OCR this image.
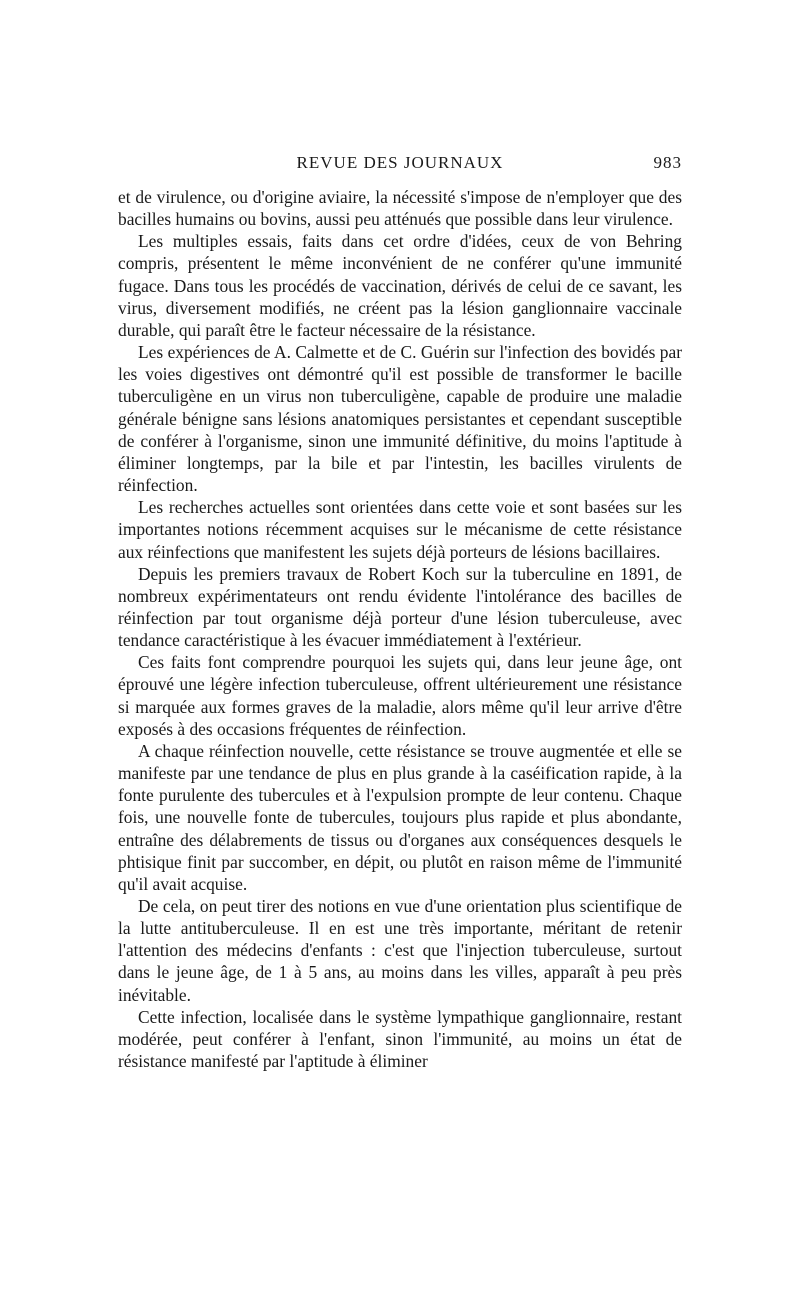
REVUE DES JOURNAUX	983

et de virulence, ou d'origine aviaire, la nécessité s'impose de n'employer que des bacilles humains ou bovins, aussi peu atténués que possible dans leur virulence.

Les multiples essais, faits dans cet ordre d'idées, ceux de von Behring compris, présentent le même inconvénient de ne conférer qu'une immunité fugace. Dans tous les procédés de vaccination, dérivés de celui de ce savant, les virus, diversement modifiés, ne créent pas la lésion ganglionnaire vaccinale durable, qui paraît être le facteur nécessaire de la résistance.

Les expériences de A. Calmette et de C. Guérin sur l'infection des bovidés par les voies digestives ont démontré qu'il est possible de transformer le bacille tuberculigène en un virus non tuberculigène, capable de produire une maladie générale bénigne sans lésions anatomiques persistantes et cependant susceptible de conférer à l'organisme, sinon une immunité définitive, du moins l'aptitude à éliminer longtemps, par la bile et par l'intestin, les bacilles virulents de réinfection.

Les recherches actuelles sont orientées dans cette voie et sont basées sur les importantes notions récemment acquises sur le mécanisme de cette résistance aux réinfections que manifestent les sujets déjà porteurs de lésions bacillaires.

Depuis les premiers travaux de Robert Koch sur la tuberculine en 1891, de nombreux expérimentateurs ont rendu évidente l'intolérance des bacilles de réinfection par tout organisme déjà porteur d'une lésion tuberculeuse, avec tendance caractéristique à les évacuer immédiatement à l'extérieur.

Ces faits font comprendre pourquoi les sujets qui, dans leur jeune âge, ont éprouvé une légère infection tuberculeuse, offrent ultérieurement une résistance si marquée aux formes graves de la maladie, alors même qu'il leur arrive d'être exposés à des occasions fréquentes de réinfection.

A chaque réinfection nouvelle, cette résistance se trouve augmentée et elle se manifeste par une tendance de plus en plus grande à la caséification rapide, à la fonte purulente des tubercules et à l'expulsion prompte de leur contenu. Chaque fois, une nouvelle fonte de tubercules, toujours plus rapide et plus abondante, entraîne des délabrements de tissus ou d'organes aux conséquences desquels le phtisique finit par succomber, en dépit, ou plutôt en raison même de l'immunité qu'il avait acquise.

De cela, on peut tirer des notions en vue d'une orientation plus scientifique de la lutte antituberculeuse. Il en est une très importante, méritant de retenir l'attention des médecins d'enfants : c'est que l'injection tuberculeuse, surtout dans le jeune âge, de 1 à 5 ans, au moins dans les villes, apparaît à peu près inévitable.

Cette infection, localisée dans le système lympathique ganglionnaire, restant modérée, peut conférer à l'enfant, sinon l'immunité, au moins un état de résistance manifesté par l'aptitude à éliminer
